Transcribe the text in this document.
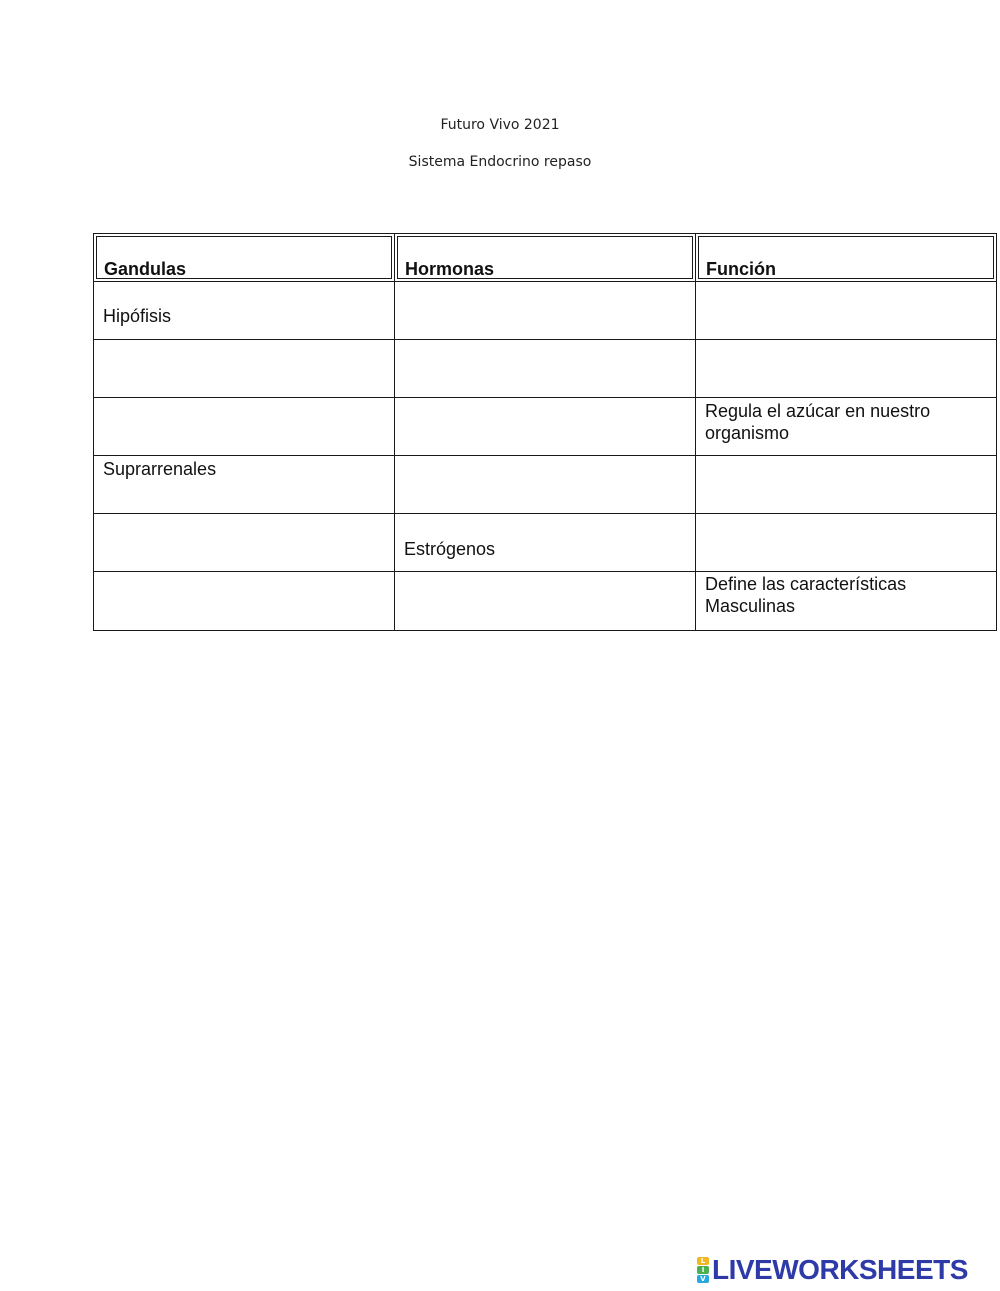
Futuro Vivo 2021
Sistema Endocrino repaso
Gandulas	Hormonas	Función
Hipófisis
Regula el azúcar en nuestro organismo
Suprarrenales
Estrógenos
Define las características Masculinas
L
I
V LIVEWORKSHEETS
